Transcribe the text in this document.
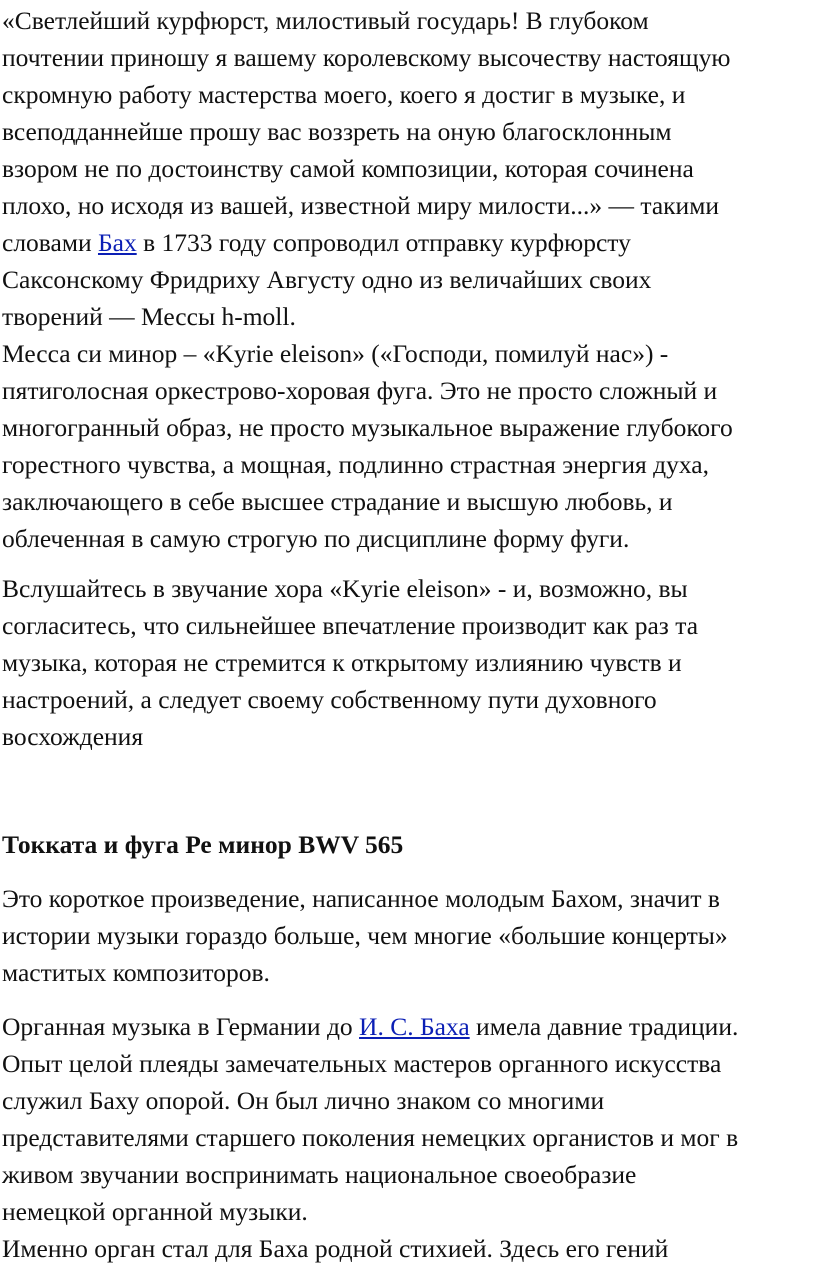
«Светлейший курфюрст, милостивый государь! В глубоком
почтении приношу я вашему королевскому высочеству настоящую
скромную работу мастерства моего, коего я достиг в музыке, и
всеподданнейше прошу вас воззреть на оную благосклонным
взором не по достоинству самой композиции, которая сочинена
плохо, но исходя из вашей, известной миру милости...» — такими
словами Бах в 1733 году сопроводил отправку курфюрсту
Саксонскому Фридриху Августу одно из величайших своих
творений — Мессы h-moll.
Месса си минор – «Kyrie eleison» («Господи, помилуй нас») -
пятиголосная оркестрово-хоровая фуга. Это не просто сложный и
многогранный образ, не просто музыкальное выражение глубокого
горестного чувства, а мощная, подлинно страстная энергия духа,
заключающего в себе высшее страдание и высшую любовь, и
облеченная в самую строгую по дисциплине форму фуги.
Вслушайтесь в звучание хора «Kyrie eleison» - и, возможно, вы
согласитесь, что сильнейшее впечатление производит как раз та
музыка, которая не стремится к открытому излиянию чувств и
настроений, а следует своему собственному пути духовного
восхождения
Токката и фуга Ре минор BWV 565
Это короткое произведение, написанное молодым Бахом, значит в
истории музыки гораздо больше, чем многие «большие концерты»
маститых композиторов.
Органная музыка в Германии до И. С. Баха имела давние традиции.
Опыт целой плеяды замечательных мастеров органного искусства
служил Баху опорой. Он был лично знаком со многими
представителями старшего поколения немецких органистов и мог в
живом звучании воспринимать национальное своеобразие
немецкой органной музыки.
Именно орган стал для Баха родной стихией. Здесь его гений
